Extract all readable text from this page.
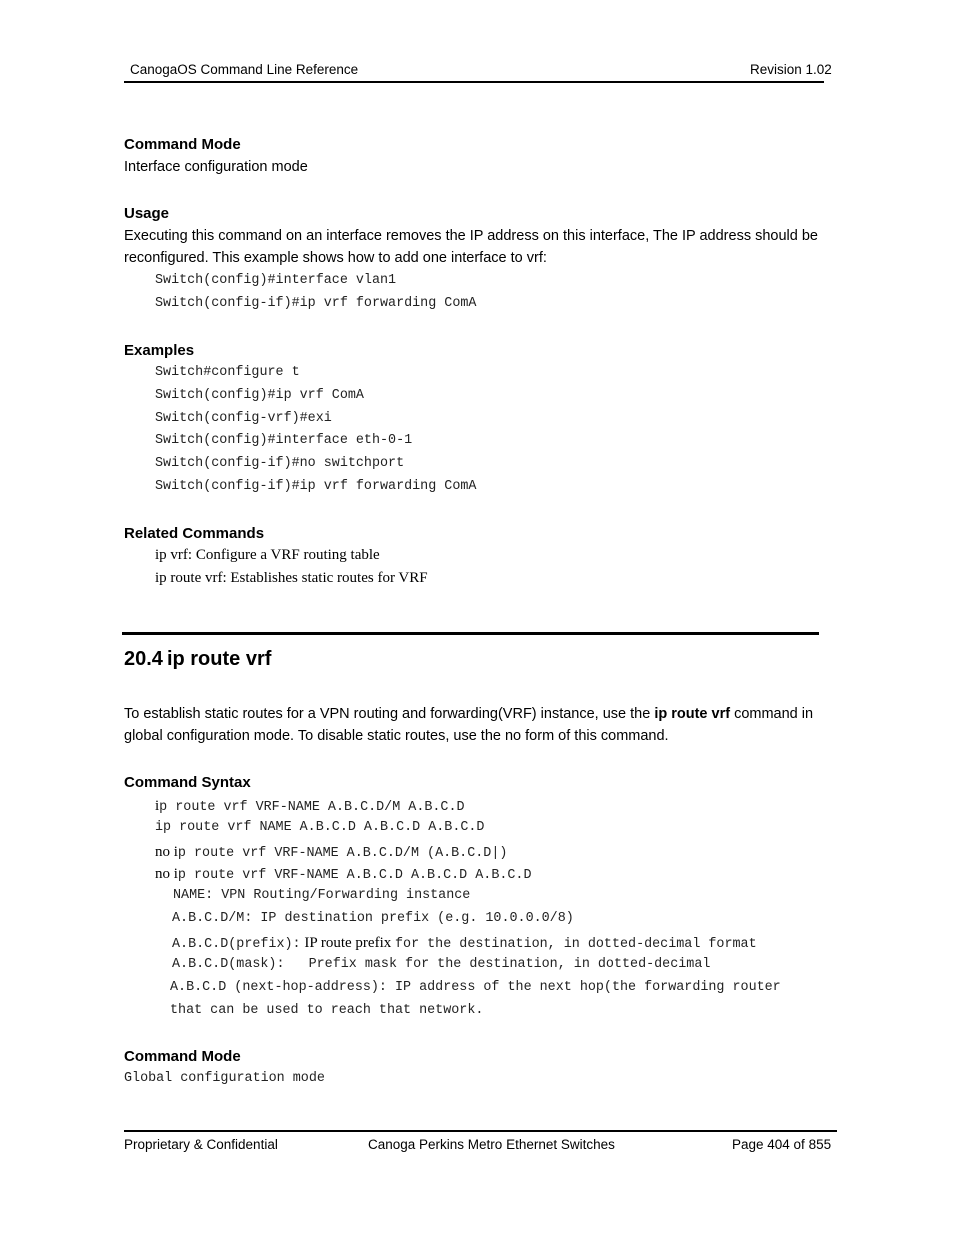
CanogaOS Command Line Reference	Revision 1.02
Command Mode
Interface configuration mode
Usage
Executing this command on an interface removes the IP address on this interface, The IP address should be
reconfigured. This example shows how to add one interface to vrf:
Switch(config)#interface vlan1
Switch(config-if)#ip vrf forwarding ComA
Examples
Switch#configure t
Switch(config)#ip vrf ComA
Switch(config-vrf)#exi
Switch(config)#interface eth-0-1
Switch(config-if)#no switchport
Switch(config-if)#ip vrf forwarding ComA
Related Commands
ip vrf: Configure a VRF routing table
ip route vrf: Establishes static routes for VRF
20.4 ip route vrf
To establish static routes for a VPN routing and forwarding(VRF) instance, use the ip route vrf command in global configuration mode. To disable static routes, use the no form of this command.
Command Syntax
ip route vrf VRF-NAME A.B.C.D/M A.B.C.D
ip route vrf NAME A.B.C.D A.B.C.D A.B.C.D
no ip route vrf VRF-NAME A.B.C.D/M (A.B.C.D|)
no ip route vrf VRF-NAME A.B.C.D A.B.C.D A.B.C.D
NAME: VPN Routing/Forwarding instance
A.B.C.D/M: IP destination prefix (e.g. 10.0.0.0/8)
A.B.C.D(prefix): IP route prefix for the destination, in dotted-decimal format
A.B.C.D(mask):   Prefix mask for the destination, in dotted-decimal
A.B.C.D (next-hop-address): IP address of the next hop(the forwarding router
that can be used to reach that network.
Command Mode
Global configuration mode
Proprietary & Confidential	Canoga Perkins Metro Ethernet Switches	Page 404 of 855
